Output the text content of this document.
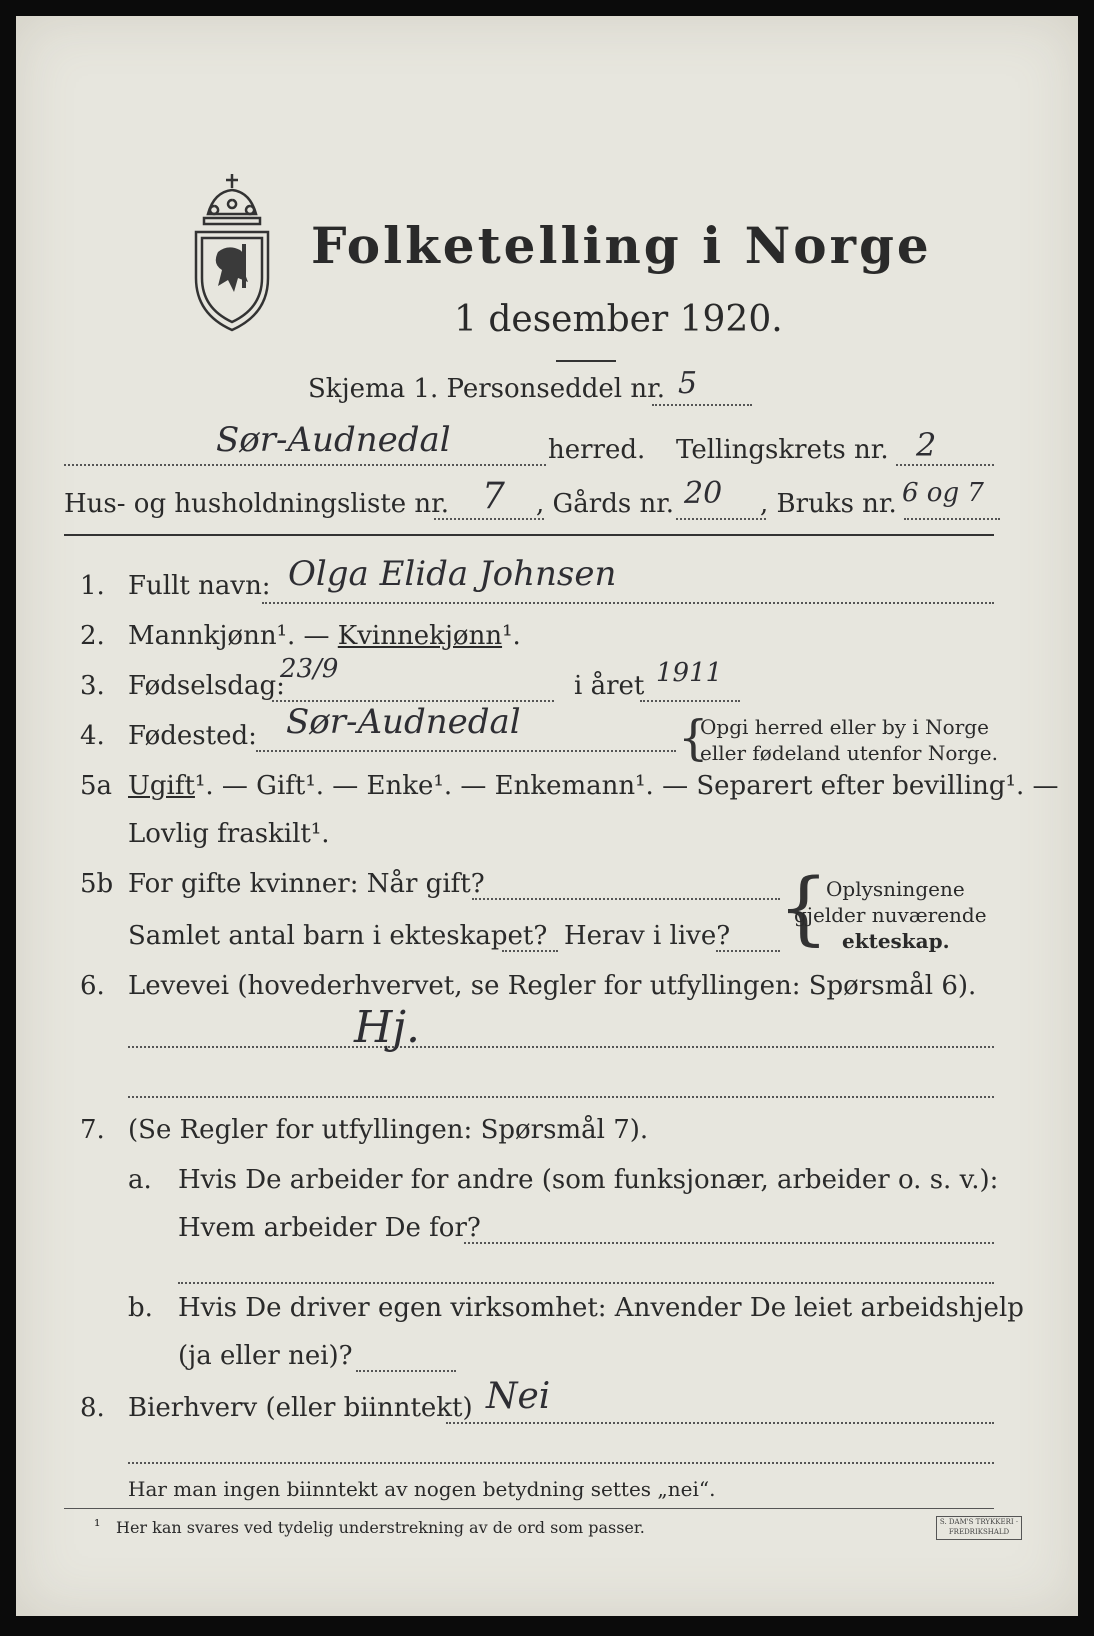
Folketelling i Norge
1 desember 1920.
Skjema 1. Personseddel nr. 5
Sør-Audnedal	herred. Tellingskrets nr. 2
Hus- og husholdningsliste nr. 7 , Gårds nr. 20 , Bruks nr. 6 og 7
1. Fullt navn: Olga Elida Johnsen
2. Mannkjønn¹. — Kvinnekjønn¹.
3. Fødselsdag:
23/9
i året 1911
4. Fødested: Sør-Audnedal	{
Opgi herred eller by i Norge
eller fødeland utenfor Norge.
5a Ugift¹. — Gift¹. — Enke¹. — Enkemann¹. — Separert efter bevilling¹. —
Lovlig fraskilt¹.
5b For gifte kvinner: Når gift?
Samlet antal barn i ekteskapet? Herav i live? {
Oplysningene
gjelder nuværende
ekteskap.
6. Levevei (hovederhvervet, se Regler for utfyllingen: Spørsmål 6).
Hj.
7. (Se Regler for utfyllingen: Spørsmål 7).
a. Hvis De arbeider for andre (som funksjonær, arbeider o. s. v.):
Hvem arbeider De for?
b. Hvis De driver egen virksomhet: Anvender De leiet arbeidshjelp
(ja eller nei)?
8. Bierhverv (eller biinntekt) Nei
Har man ingen biinntekt av nogen betydning settes „nei“.
¹ Her kan svares ved tydelig understrekning av de ord som passer.	S. DAM'S TRYKKERI · FREDRIKSHALD
